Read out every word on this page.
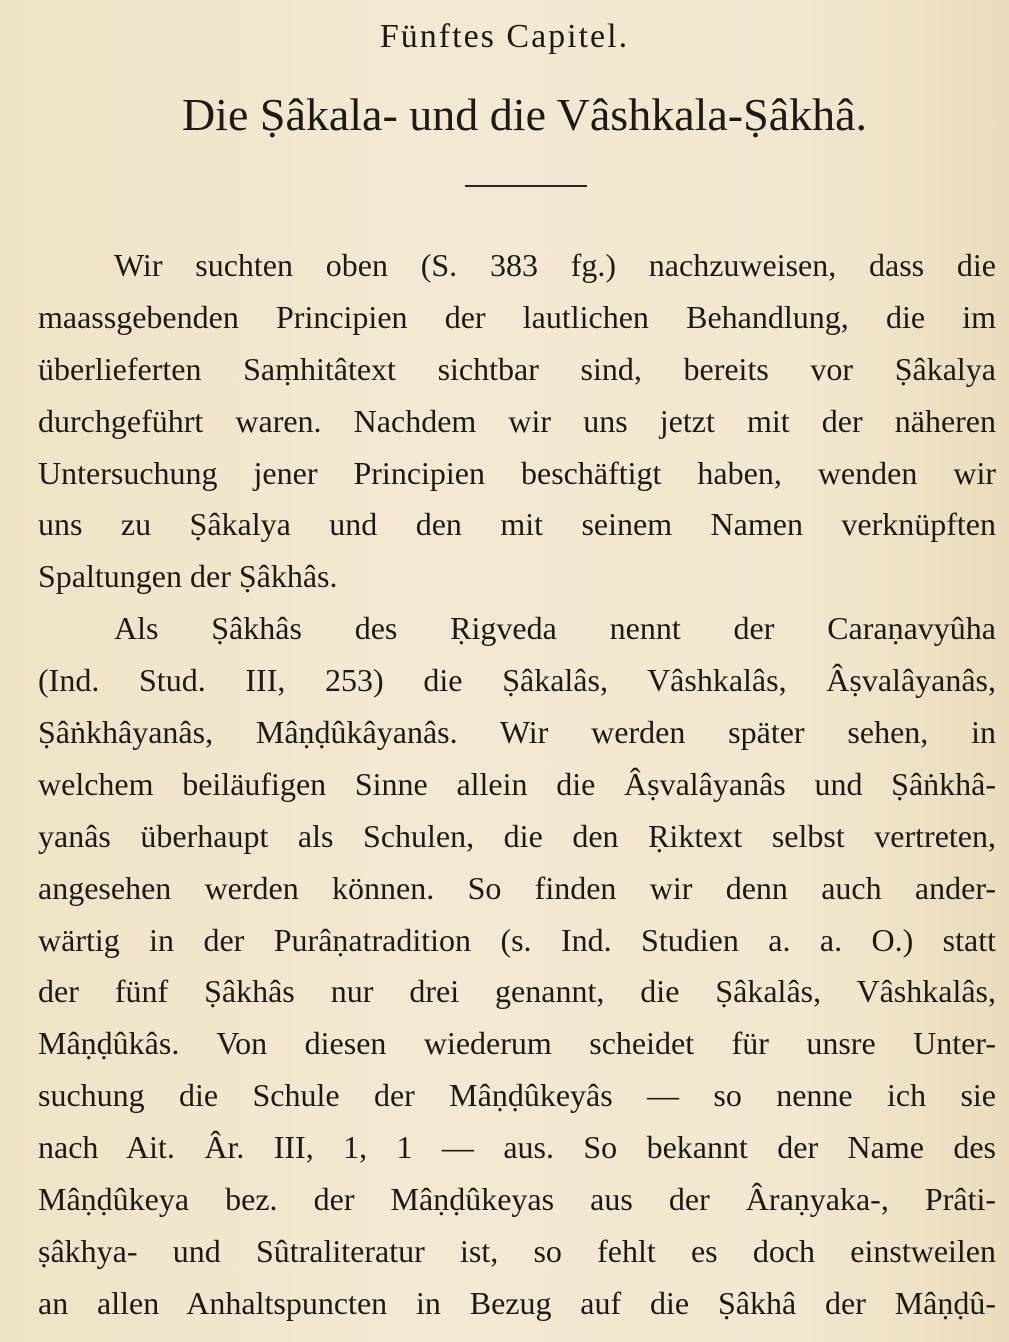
Fünftes Capitel.
Die Ṣâkala- und die Vâshkala-Ṣâkhâ.
Wir suchten oben (S. 383 fg.) nachzuweisen, dass die
maassgebenden Principien der lautlichen Behandlung, die im
überlieferten Saṃhitâtext sichtbar sind, bereits vor Ṣâkalya
durchgeführt waren. Nachdem wir uns jetzt mit der näheren
Untersuchung jener Principien beschäftigt haben, wenden wir
uns zu Ṣâkalya und den mit seinem Namen verknüpften
Spaltungen der Ṣâkhâs.
Als Ṣâkhâs des Ṛigveda nennt der Caraṇavyûha
(Ind. Stud. III, 253) die Ṣâkalâs, Vâshkalâs, Âṣvalâyanâs,
Ṣâṅkhâyanâs, Mâṇḍûkâyanâs. Wir werden später sehen, in
welchem beiläufigen Sinne allein die Âṣvalâyanâs und Ṣâṅkhâ-
yanâs überhaupt als Schulen, die den Ṛiktext selbst vertreten,
angesehen werden können. So finden wir denn auch ander-
wärtig in der Purâṇatradition (s. Ind. Studien a. a. O.) statt
der fünf Ṣâkhâs nur drei genannt, die Ṣâkalâs, Vâshkalâs,
Mâṇḍûkâs. Von diesen wiederum scheidet für unsre Unter-
suchung die Schule der Mâṇḍûkeyâs — so nenne ich sie
nach Ait. Âr. III, 1, 1 — aus. So bekannt der Name des
Mâṇḍûkeya bez. der Mâṇḍûkeyas aus der Âraṇyaka-, Prâti-
ṣâkhya- und Sûtraliteratur ist, so fehlt es doch einstweilen
an allen Anhaltspuncten in Bezug auf die Ṣâkhâ der Mâṇḍû-
